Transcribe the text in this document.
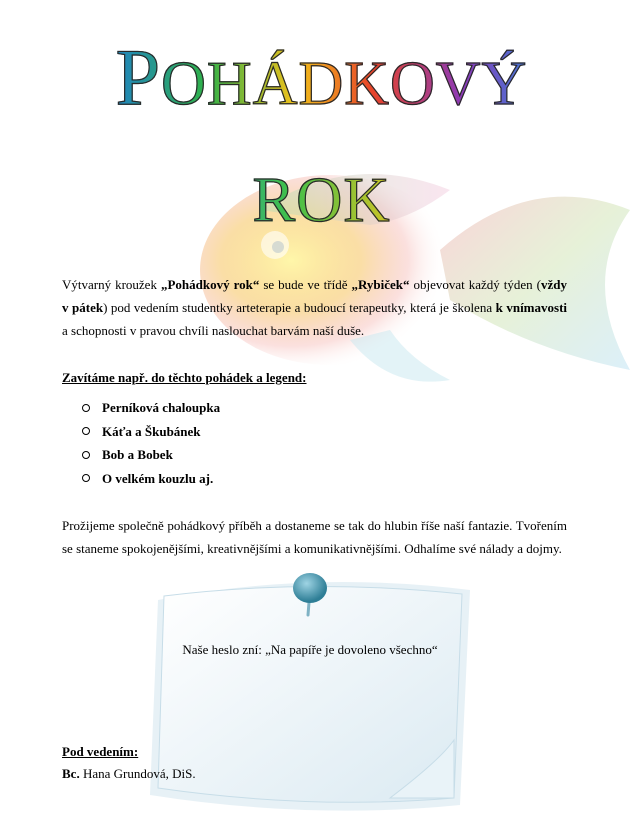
POHÁDKOVÝ
ROK
Výtvarný kroužek „Pohádkový rok“ se bude ve třídě „Rybiček“ objevovat každý týden (vždy v pátek) pod vedením studentky arteterapie a budoucí terapeutky, která je školena k vnímavosti a schopnosti v pravou chvíli naslouchat barvám naší duše.
Zavítáme např. do těchto pohádek a legend:
Perníková chaloupka
Káťa a Škubánek
Bob a Bobek
O velkém kouzlu aj.
Prožijeme společně pohádkový příběh a dostaneme se tak do hlubin říše naší fantazie. Tvořením se staneme spokojenějšími, kreativnějšími a komunikativnějšími. Odhalíme své nálady a dojmy.
Naše heslo zní: „Na papíře je dovoleno všechno“
Pod vedením:
Bc. Hana Grundová, DiS.
